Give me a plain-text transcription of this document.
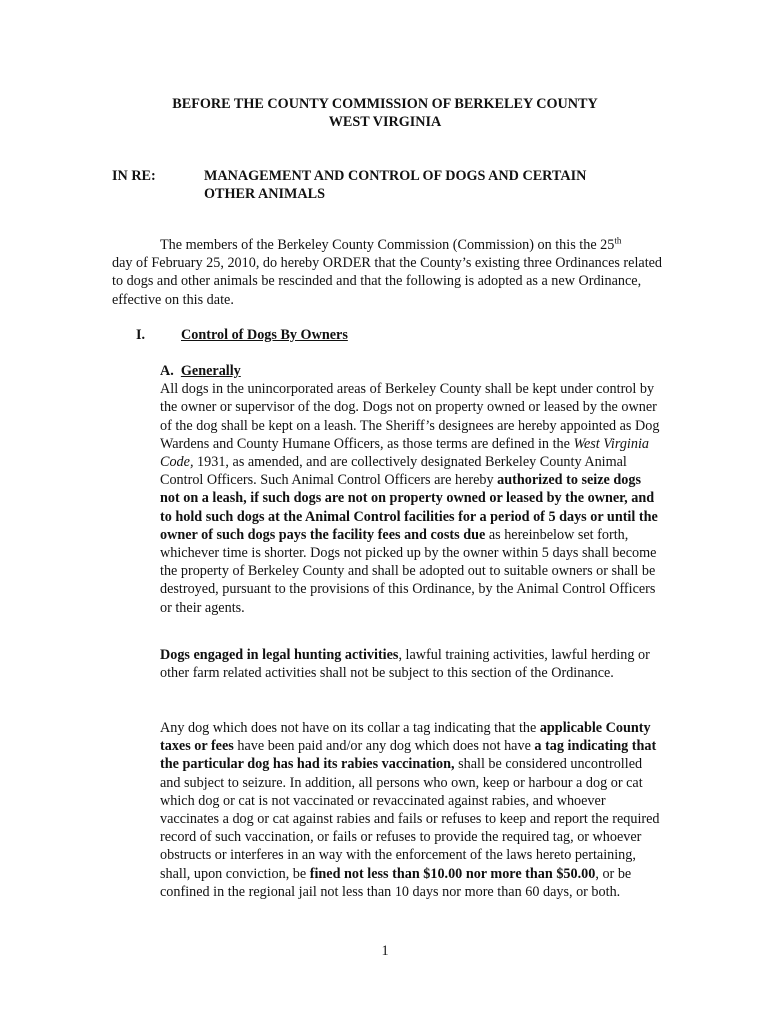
BEFORE THE COUNTY COMMISSION OF BERKELEY COUNTY
WEST VIRGINIA
IN RE:	MANAGEMENT AND CONTROL OF DOGS AND CERTAIN
OTHER ANIMALS
The members of the Berkeley County Commission (Commission) on this the 25th
day of February 25, 2010, do hereby ORDER that the County’s existing three Ordinances related to dogs and other animals be rescinded and that the following is adopted as a new Ordinance, effective on this date.
I.	Control of Dogs By Owners
A. Generally
All dogs in the unincorporated areas of Berkeley County shall be kept under control by the owner or supervisor of the dog. Dogs not on property owned or leased by the owner of the dog shall be kept on a leash. The Sheriff’s designees are hereby appointed as Dog Wardens and County Humane Officers, as those terms are defined in the West Virginia Code, 1931, as amended, and are collectively designated Berkeley County Animal Control Officers. Such Animal Control Officers are hereby authorized to seize dogs not on a leash, if such dogs are not on property owned or leased by the owner, and to hold such dogs at the Animal Control facilities for a period of 5 days or until the owner of such dogs pays the facility fees and costs due as hereinbelow set forth, whichever time is shorter. Dogs not picked up by the owner within 5 days shall become the property of Berkeley County and shall be adopted out to suitable owners or shall be destroyed, pursuant to the provisions of this Ordinance, by the Animal Control Officers or their agents.
Dogs engaged in legal hunting activities, lawful training activities, lawful herding or other farm related activities shall not be subject to this section of the Ordinance.
Any dog which does not have on its collar a tag indicating that the applicable County taxes or fees have been paid and/or any dog which does not have a tag indicating that the particular dog has had its rabies vaccination, shall be considered uncontrolled and subject to seizure. In addition, all persons who own, keep or harbour a dog or cat which dog or cat is not vaccinated or revaccinated against rabies, and whoever vaccinates a dog or cat against rabies and fails or refuses to keep and report the required record of such vaccination, or fails or refuses to provide the required tag, or whoever obstructs or interferes in an way with the enforcement of the laws hereto pertaining, shall, upon conviction, be fined not less than $10.00 nor more than $50.00, or be confined in the regional jail not less than 10 days nor more than 60 days, or both.
1
